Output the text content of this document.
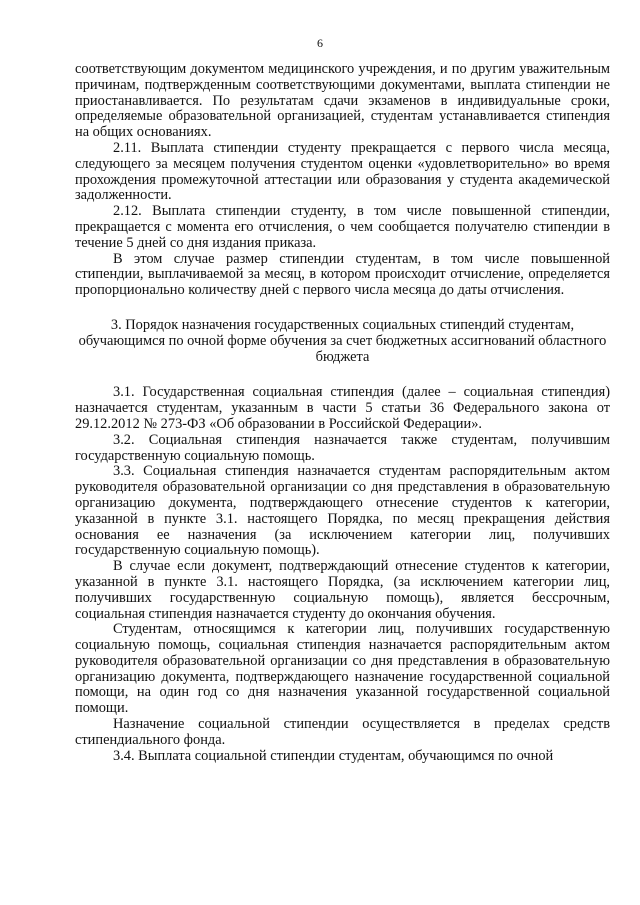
6

соответствующим документом медицинского учреждения, и по другим уважительным причинам, подтвержденным соответствующими документами, выплата стипендии не приостанавливается. По результатам сдачи экзаменов в индивидуальные сроки, определяемые образовательной организацией, студентам устанавливается стипендия на общих основаниях.

2.11. Выплата стипендии студенту прекращается с первого числа месяца, следующего за месяцем получения студентом оценки «удовлетворительно» во время прохождения промежуточной аттестации или образования у студента академической задолженности.

2.12. Выплата стипендии студенту, в том числе повышенной стипендии, прекращается с момента его отчисления, о чем сообщается получателю стипендии в течение 5 дней со дня издания приказа.

В этом случае размер стипендии студентам, в том числе повышенной стипендии, выплачиваемой за месяц, в котором происходит отчисление, определяется пропорционально количеству дней с первого числа месяца до даты отчисления.

3. Порядок назначения государственных социальных стипендий студентам, обучающимся по очной форме обучения за счет бюджетных ассигнований областного бюджета

3.1. Государственная социальная стипендия (далее – социальная стипендия) назначается студентам, указанным в части 5 статьи 36 Федерального закона от 29.12.2012 № 273-ФЗ «Об образовании в Российской Федерации».

3.2. Социальная стипендия назначается также студентам, получившим государственную социальную помощь.

3.3. Социальная стипендия назначается студентам распорядительным актом руководителя образовательной организации со дня представления в образовательную организацию документа, подтверждающего отнесение студентов к категории, указанной в пункте 3.1. настоящего Порядка, по месяц прекращения действия основания ее назначения (за исключением категории лиц, получивших государственную социальную помощь).

В случае если документ, подтверждающий отнесение студентов к категории, указанной в пункте 3.1. настоящего Порядка, (за исключением категории лиц, получивших государственную социальную помощь), является бессрочным, социальная стипендия назначается студенту до окончания обучения.

Студентам, относящимся к категории лиц, получивших государственную социальную помощь, социальная стипендия назначается распорядительным актом руководителя образовательной организации со дня представления в образовательную организацию документа, подтверждающего назначение государственной социальной помощи, на один год со дня назначения указанной государственной социальной помощи.

Назначение социальной стипендии осуществляется в пределах средств стипендиального фонда.

3.4. Выплата социальной стипендии студентам, обучающимся по очной
